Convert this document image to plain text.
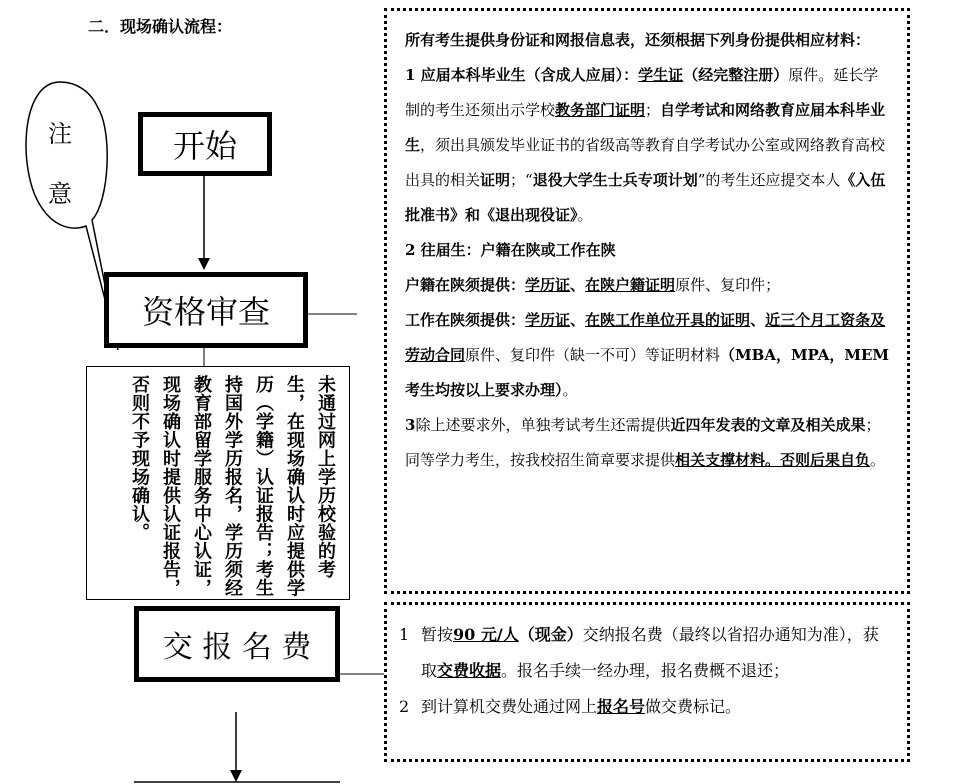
二．现场确认流程：
注
意
开始
资格审查
交 报 名 费
未通过网上学历校验的考生，在现场确认时应提供学历（学籍）认证报告；考生持国外学历报名，学历须经教育部留学服务中心认证，现场确认时提供认证报告，否则不予现场确认。

所有考生提供身份证和网报信息表，还须根据下列身份提供相应材料：

1 应届本科毕业生（含成人应届）：学生证（经完整注册）原件。延长学制的考生还须出示学校教务部门证明；自学考试和网络教育应届本科毕业生，须出具颁发毕业证书的省级高等教育自学考试办公室或网络教育高校出具的相关证明；“退役大学生士兵专项计划”的考生还应提交本人《入伍批准书》和《退出现役证》。

2 往届生：户籍在陕或工作在陕

户籍在陕须提供：学历证、在陕户籍证明原件、复印件；

工作在陕须提供：学历证、在陕工作单位开具的证明、近三个月工资条及劳动合同原件、复印件（缺一不可）等证明材料（MBA，MPA，MEM 考生均按以上要求办理）。

3除上述要求外，单独考试考生还需提供近四年发表的文章及相关成果；同等学力考生，按我校招生简章要求提供相关支撑材料。否则后果自负。

1 暂按90 元/人（现金）交纳报名费（最终以省招办通知为准），获取交费收据。报名手续一经办理，报名费概不退还；
2 到计算机交费处通过网上报名号做交费标记。
